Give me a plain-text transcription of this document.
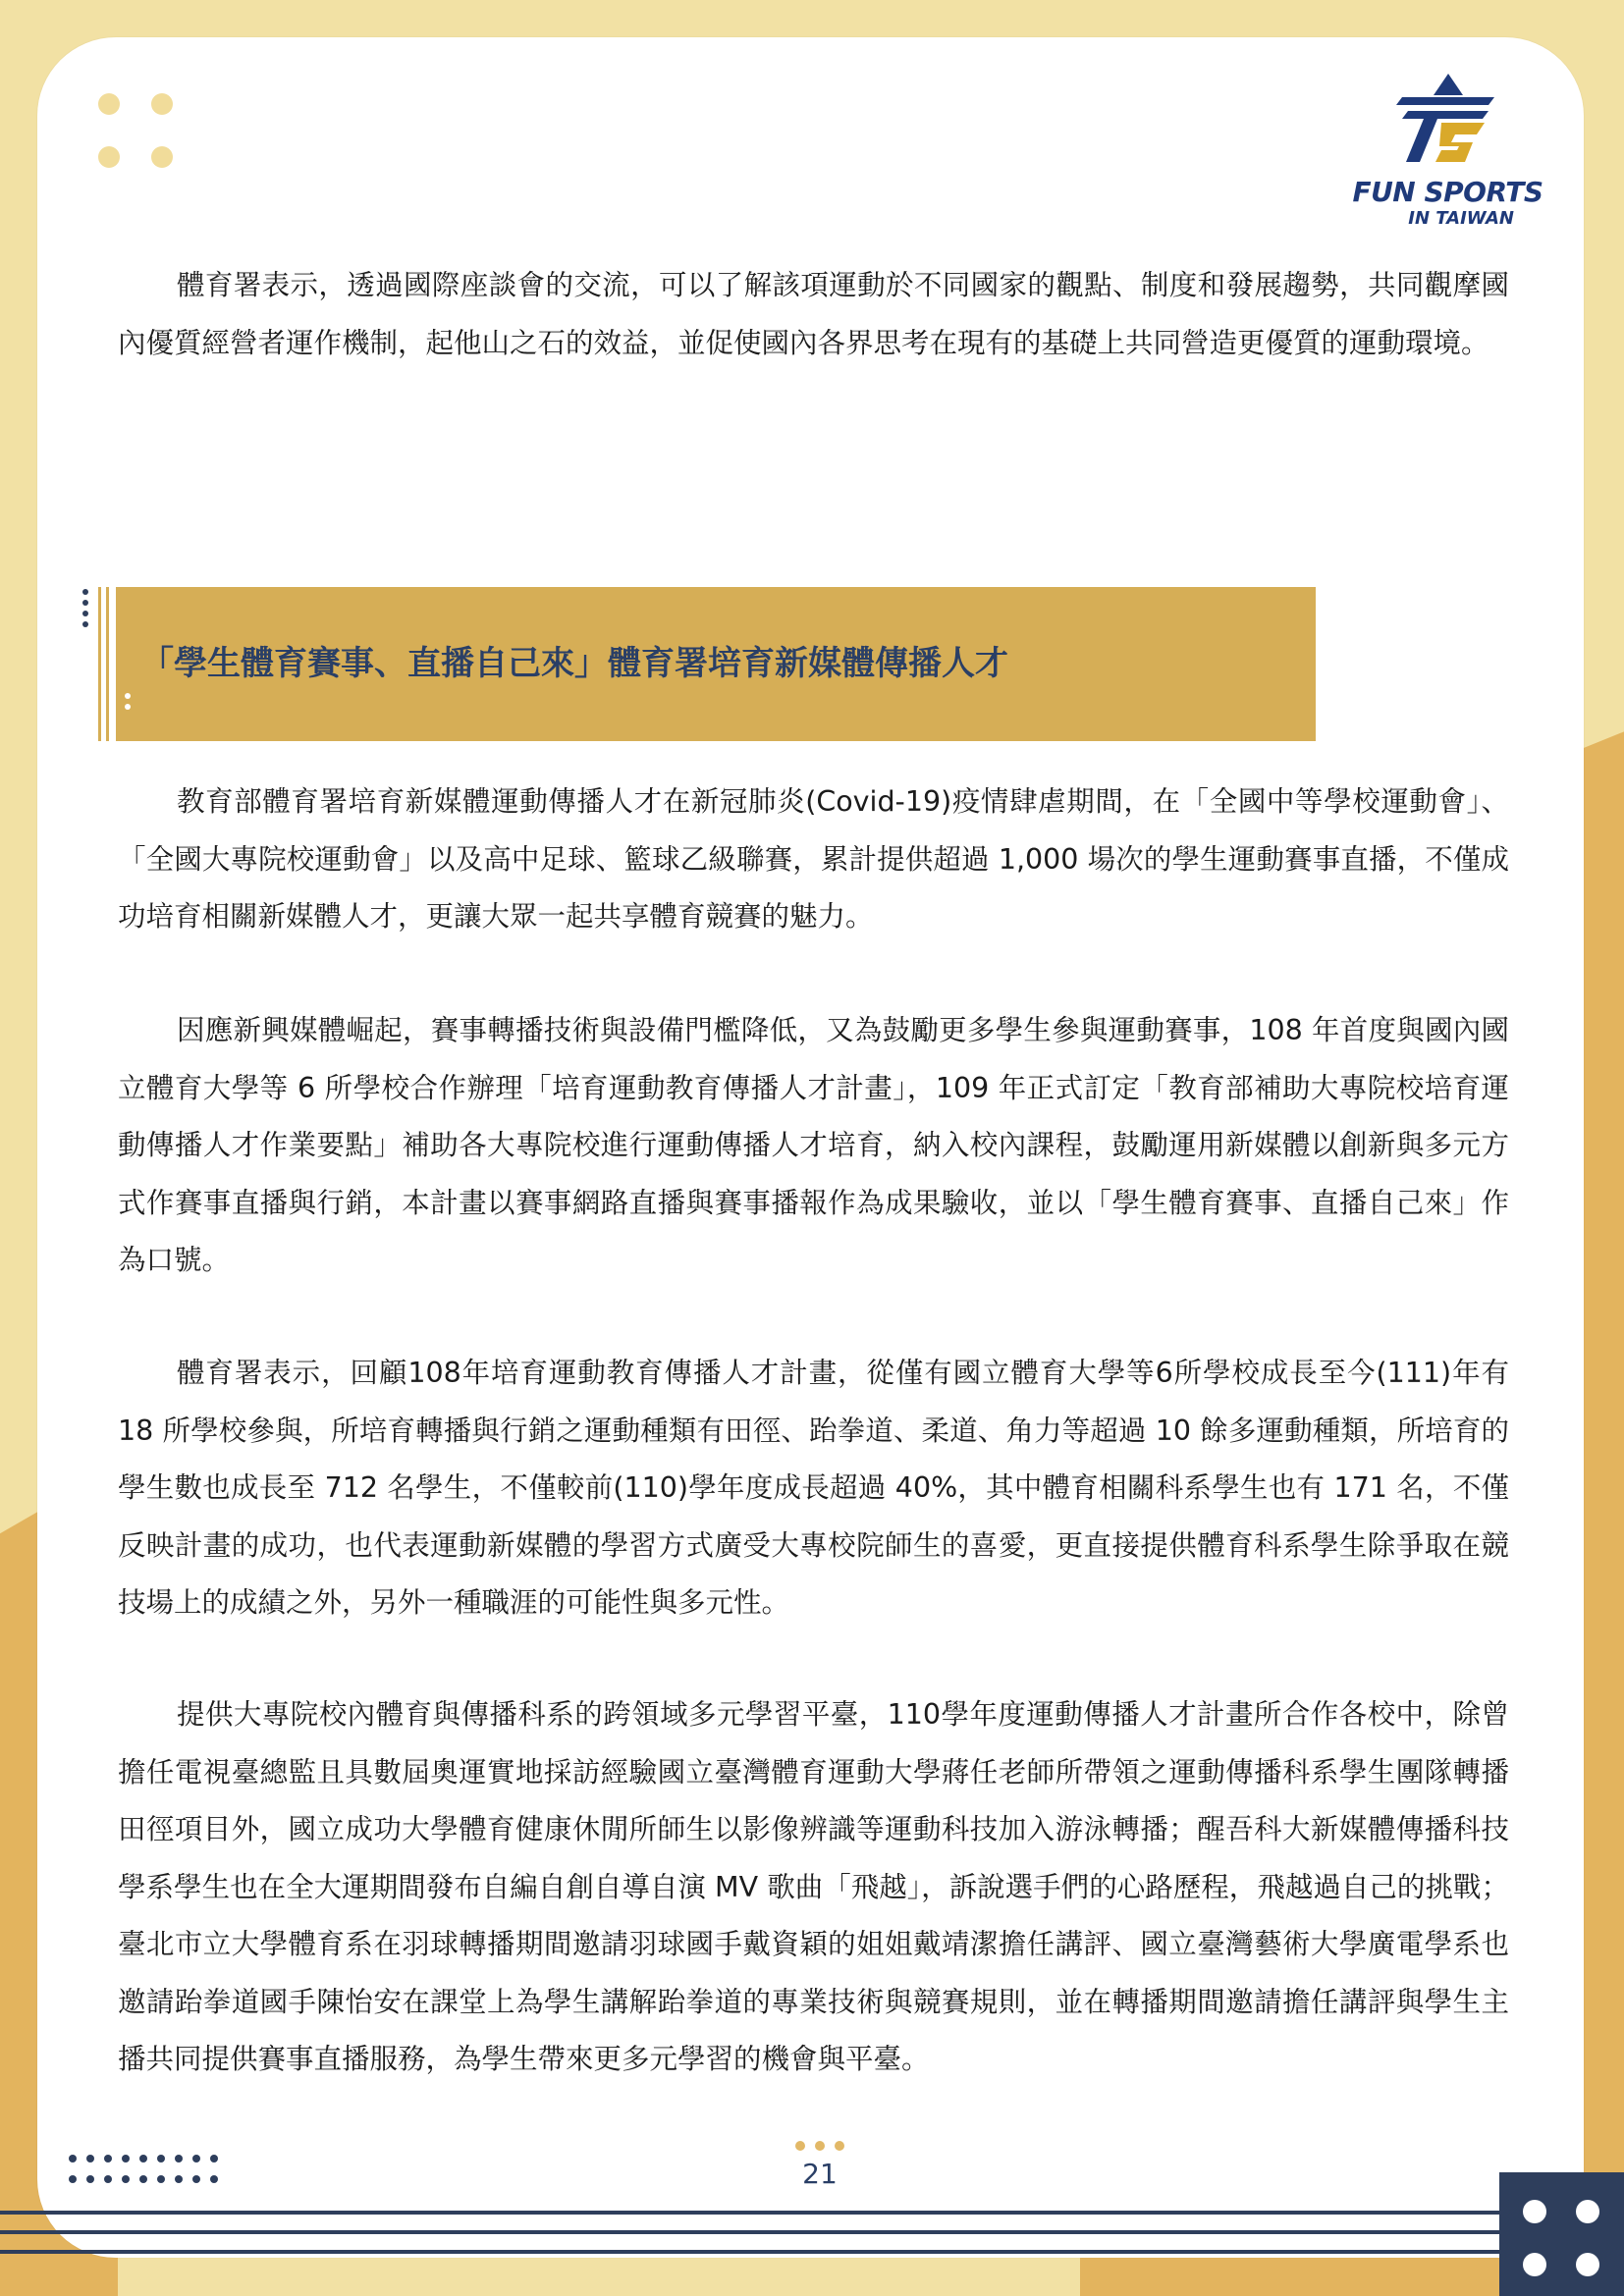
FUN SPORTS
IN TAIWAN

體育署表示，透過國際座談會的交流，可以了解該項運動於不同國家的觀點、制度和發展趨勢，共同觀摩國內優質經營者運作機制，起他山之石的效益，並促使國內各界思考在現有的基礎上共同營造更優質的運動環境。

「學生體育賽事、直播自己來」體育署培育新媒體傳播人才

教育部體育署培育新媒體運動傳播人才在新冠肺炎(Covid-19)疫情肆虐期間，在「全國中等學校運動會」、「全國大專院校運動會」以及高中足球、籃球乙級聯賽，累計提供超過 1,000 場次的學生運動賽事直播，不僅成功培育相關新媒體人才，更讓大眾一起共享體育競賽的魅力。

因應新興媒體崛起，賽事轉播技術與設備門檻降低，又為鼓勵更多學生參與運動賽事，108 年首度與國內國立體育大學等 6 所學校合作辦理「培育運動教育傳播人才計畫」，109 年正式訂定「教育部補助大專院校培育運動傳播人才作業要點」補助各大專院校進行運動傳播人才培育，納入校內課程，鼓勵運用新媒體以創新與多元方式作賽事直播與行銷，本計畫以賽事網路直播與賽事播報作為成果驗收，並以「學生體育賽事、直播自己來」作為口號。

體育署表示，回顧108年培育運動教育傳播人才計畫，從僅有國立體育大學等6所學校成長至今(111)年有 18 所學校參與，所培育轉播與行銷之運動種類有田徑、跆拳道、柔道、角力等超過 10 餘多運動種類，所培育的學生數也成長至 712 名學生，不僅較前(110)學年度成長超過 40%，其中體育相關科系學生也有 171 名，不僅反映計畫的成功，也代表運動新媒體的學習方式廣受大專校院師生的喜愛，更直接提供體育科系學生除爭取在競技場上的成績之外，另外一種職涯的可能性與多元性。

提供大專院校內體育與傳播科系的跨領域多元學習平臺，110學年度運動傳播人才計畫所合作各校中，除曾擔任電視臺總監且具數屆奧運實地採訪經驗國立臺灣體育運動大學蔣任老師所帶領之運動傳播科系學生團隊轉播田徑項目外，國立成功大學體育健康休閒所師生以影像辨識等運動科技加入游泳轉播；醒吾科大新媒體傳播科技學系學生也在全大運期間發布自編自創自導自演 MV 歌曲「飛越」，訴說選手們的心路歷程，飛越過自己的挑戰；臺北市立大學體育系在羽球轉播期間邀請羽球國手戴資穎的姐姐戴靖潔擔任講評、國立臺灣藝術大學廣電學系也邀請跆拳道國手陳怡安在課堂上為學生講解跆拳道的專業技術與競賽規則，並在轉播期間邀請擔任講評與學生主播共同提供賽事直播服務，為學生帶來更多元學習的機會與平臺。

21
